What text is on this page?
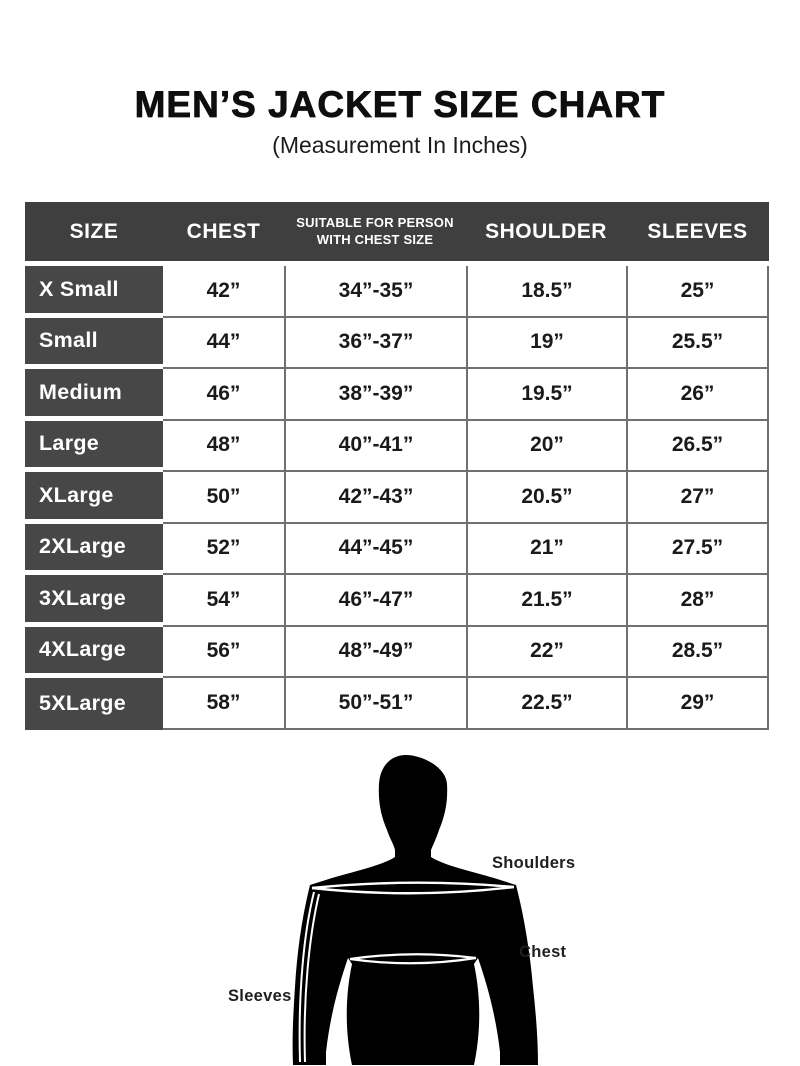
MEN’S JACKET SIZE CHART
(Measurement In Inches)
SIZE	CHEST	SUITABLE FOR PERSON WITH CHEST SIZE	SHOULDER	SLEEVES
X Small	42”	34”-35”	18.5”	25”
Small	44”	36”-37”	19”	25.5”
Medium	46”	38”-39”	19.5”	26”
Large	48”	40”-41”	20”	26.5”
XLarge	50”	42”-43”	20.5”	27”
2XLarge	52”	44”-45”	21”	27.5”
3XLarge	54”	46”-47”	21.5”	28”
4XLarge	56”	48”-49”	22”	28.5”
5XLarge	58”	50”-51”	22.5”	29”
Shoulders
Chest
Sleeves
